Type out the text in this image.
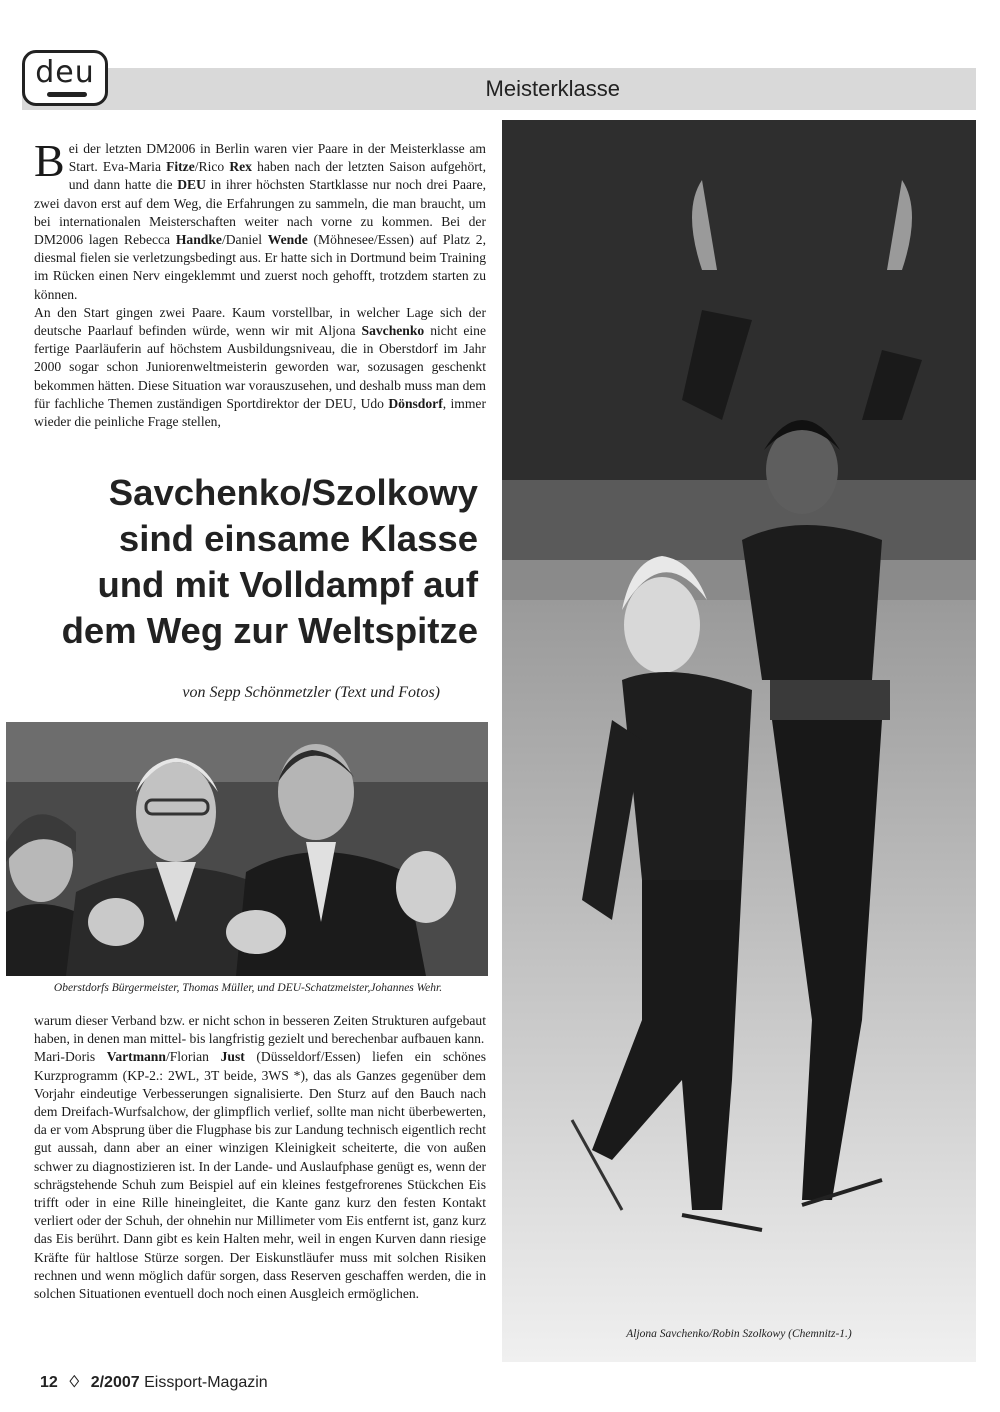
deu	Meisterklasse

Bei der letzten DM2006 in Berlin waren vier Paare in der Meisterklasse am Start. Eva-Maria Fitze/Rico Rex haben nach der letzten Saison aufgehört, und dann hatte die DEU in ihrer höchsten Startklasse nur noch drei Paare, zwei davon erst auf dem Weg, die Erfahrungen zu sammeln, die man braucht, um bei internationalen Meisterschaften weiter nach vorne zu kommen. Bei der DM2006 lagen Rebecca Handke/Daniel Wende (Möhnesee/Essen) auf Platz 2, diesmal fielen sie verletzungsbedingt aus. Er hatte sich in Dortmund beim Training im Rücken einen Nerv eingeklemmt und zuerst noch gehofft, trotzdem starten zu können.

An den Start gingen zwei Paare. Kaum vorstellbar, in welcher Lage sich der deutsche Paarlauf befinden würde, wenn wir mit Aljona Savchenko nicht eine fertige Paarläuferin auf höchstem Ausbildungsniveau, die in Oberstdorf im Jahr 2000 sogar schon Juniorenweltmeisterin geworden war, sozusagen geschenkt bekommen hätten. Diese Situation war vorauszusehen, und deshalb muss man dem für fachliche Themen zuständigen Sportdirektor der DEU, Udo Dönsdorf, immer wieder die peinliche Frage stellen,

Savchenko/Szolkowy
sind einsame Klasse
und mit Volldampf auf
dem Weg zur Weltspitze
von Sepp Schönmetzler (Text und Fotos)
Oberstdorfs Bürgermeister, Thomas Müller, und DEU-Schatzmeister,Johannes Wehr.

warum dieser Verband bzw. er nicht schon in besseren Zeiten Strukturen aufgebaut haben, in denen man mittel- bis langfristig gezielt und berechenbar aufbauen kann.

Mari-Doris Vartmann/Florian Just (Düsseldorf/Essen) liefen ein schönes Kurzprogramm (KP-2.: 2WL, 3T beide, 3WS *), das als Ganzes gegenüber dem Vorjahr eindeutige Verbesserungen signalisierte. Den Sturz auf den Bauch nach dem Dreifach-Wurfsalchow, der glimpflich verlief, sollte man nicht überbewerten, da er vom Absprung über die Flugphase bis zur Landung technisch eigentlich recht gut aussah, dann aber an einer winzigen Kleinigkeit scheiterte, die von außen schwer zu diagnostizieren ist. In der Lande- und Auslaufphase genügt es, wenn der schrägstehende Schuh zum Beispiel auf ein kleines festgefrorenes Stückchen Eis trifft oder in eine Rille hineingleitet, die Kante ganz kurz den festen Kontakt verliert oder der Schuh, der ohnehin nur Millimeter vom Eis entfernt ist, ganz kurz das Eis berührt. Dann gibt es kein Halten mehr, weil in engen Kurven dann riesige Kräfte für haltlose Stürze sorgen. Der Eiskunstläufer muss mit solchen Risiken rechnen und wenn möglich dafür sorgen, dass Reserven geschaffen werden, die in solchen Situationen eventuell doch noch einen Ausgleich ermöglichen.

Aljona Savchenko/Robin Szolkowy (Chemnitz-1.)
12 ♢ 2/2007 Eissport-Magazin
